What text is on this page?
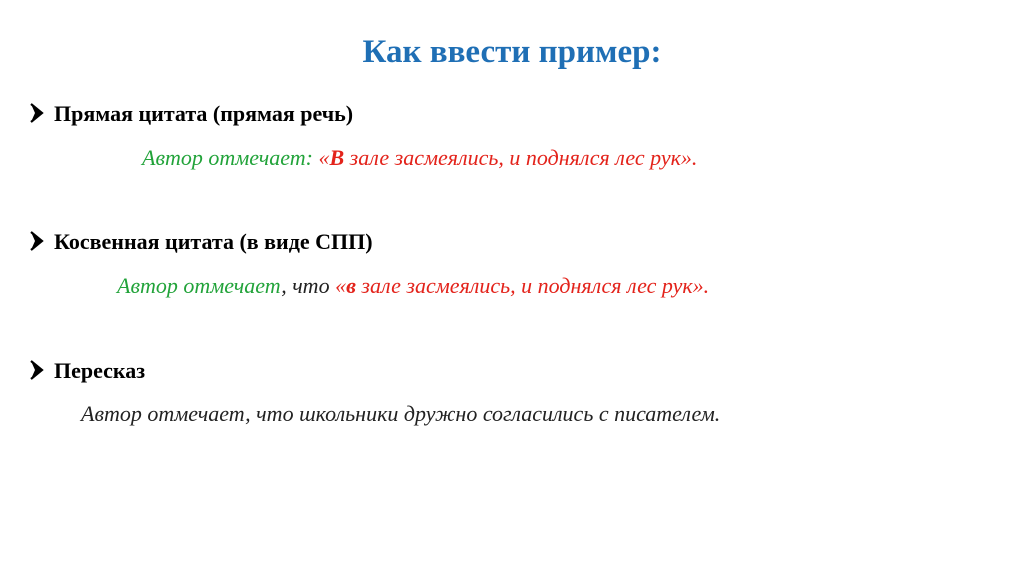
Как ввести пример:
Прямая цитата (прямая речь)
Автор отмечает: «В зале засмеялись, и поднялся лес рук».
Косвенная цитата (в виде СПП)
Автор отмечает, что «в зале засмеялись, и поднялся лес рук».
Пересказ
Автор отмечает, что школьники дружно согласились с писателем.
